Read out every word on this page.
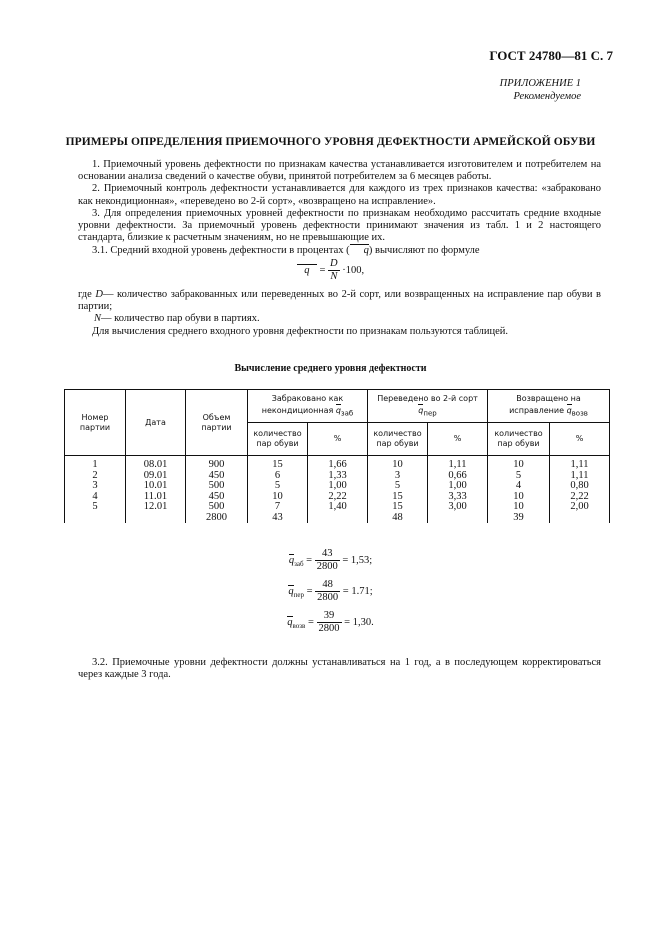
ГОСТ 24780—81 С. 7
ПРИЛОЖЕНИЕ 1
Рекомендуемое
ПРИМЕРЫ ОПРЕДЕЛЕНИЯ ПРИЕМОЧНОГО УРОВНЯ ДЕФЕКТНОСТИ АРМЕЙСКОЙ ОБУВИ

1. Приемочный уровень дефектности по признакам качества устанавливается изготовителем и потребителем на основании анализа сведений о качестве обуви, принятой потребителем за 6 месяцев работы.

2. Приемочный контроль дефектности устанавливается для каждого из трех признаков качества: «забраковано как некондиционная», «переведено во 2-й сорт», «возвращено на исправление».

3. Для определения приемочных уровней дефектности по признакам необходимо рассчитать средние входные уровни дефектности. За приемочный уровень дефектности принимают значения из табл. 1 и 2 настоящего стандарта, близкие к расчетным значениям, но не превышающие их.

3.1. Средний входной уровень дефектности в процентах ( q) вычисляют по формуле

$q = \frac{D}{N} \cdot 100$,

где D— количество забракованных или переведенных во 2-й сорт, или возвращенных на исправление пар обуви в партии;

N— количество пар обуви в партиях.

Для вычисления среднего входного уровня дефектности по признакам пользуются таблицей.

Вычисление среднего уровня дефектности
Номер партии	Дата	Объем партии	Забраковано как некондиционная $q_{заб}$		Переведено во 2-й сорт
$q_{пер}$		Возвращено на исправление $q_{возв}$
			количество пар обуви	%	количество пар обуви	%	количество пар обуви	%
1	08.01	900	15	1,66	10	1,11	10	1,11
2	09.01	450	6	1,33	3	0,66	5	1,11
3	10.01	500	5	1,00	5	1,00	4	0,80
4	11.01	450	10	2,22	15	3,33	10	2,22
5	12.01	500	7	1,40	15	3,00	10	2,00
		2800	43		48		39	
$q_{заб} = \frac{43}{2800} = 1,53$;
$q_{пер} = \frac{48}{2800} = 1.71$;
$q_{возв} = \frac{39}{2800} = 1,30$.

3.2. Приемочные уровни дефектности должны устанавливаться на 1 год, а в последующем корректироваться через каждые 3 года.
